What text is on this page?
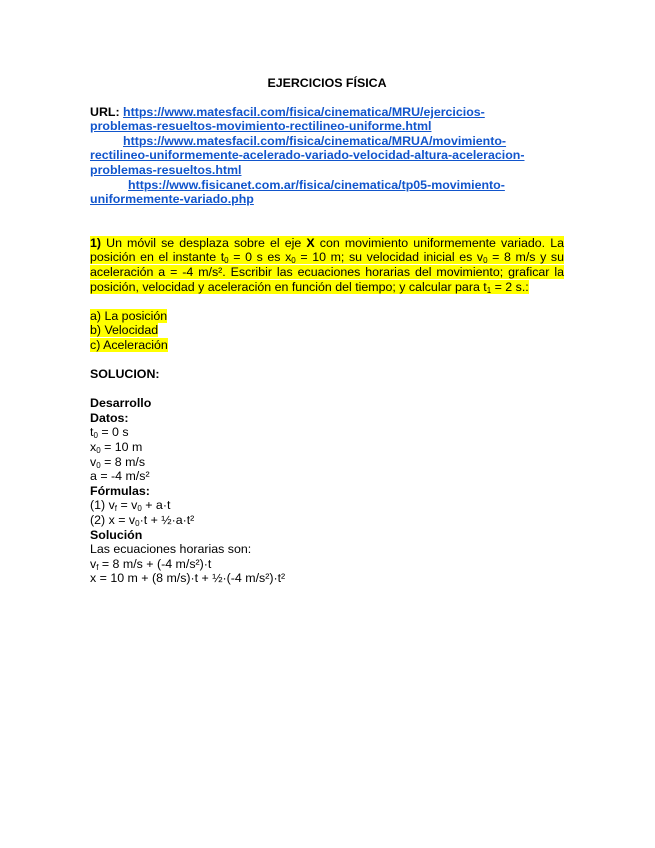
EJERCICIOS FÍSICA
URL: https://www.matesfacil.com/fisica/cinematica/MRU/ejercicios-
problemas-resueltos-movimiento-rectilineo-uniforme.html
https://www.matesfacil.com/fisica/cinematica/MRUA/movimiento-
rectilineo-uniformemente-acelerado-variado-velocidad-altura-aceleracion-
problemas-resueltos.html
https://www.fisicanet.com.ar/fisica/cinematica/tp05-movimiento-
uniformemente-variado.php
1) Un móvil se desplaza sobre el eje X con movimiento uniformemente variado. La posición en el instante $t_0 = 0$ s es $x_0 = 10$ m; su velocidad inicial es $v_0 = 8$ m/s y su aceleración a = -4 m/s². Escribir las ecuaciones horarias del movimiento; graficar la posición, velocidad y aceleración en función del tiempo; y calcular para $t_1 = 2$ s.:
a) La posición
b) Velocidad
c) Aceleración
SOLUCION:
Desarrollo
Datos:
$t_0 = 0$ s
$x_0 = 10$ m
$v_0 = 8$ m/s
a = -4 m/s²
Fórmulas:
(1) $v_f = v_0 + a\cdot t$
(2) $x = v_0\cdot t$ + ½·a·t²
Solución
Las ecuaciones horarias son:
$v_f = 8$ m/s + (-4 m/s²)·t
x = 10 m + (8 m/s)·t + ½·(-4 m/s²)·t²
